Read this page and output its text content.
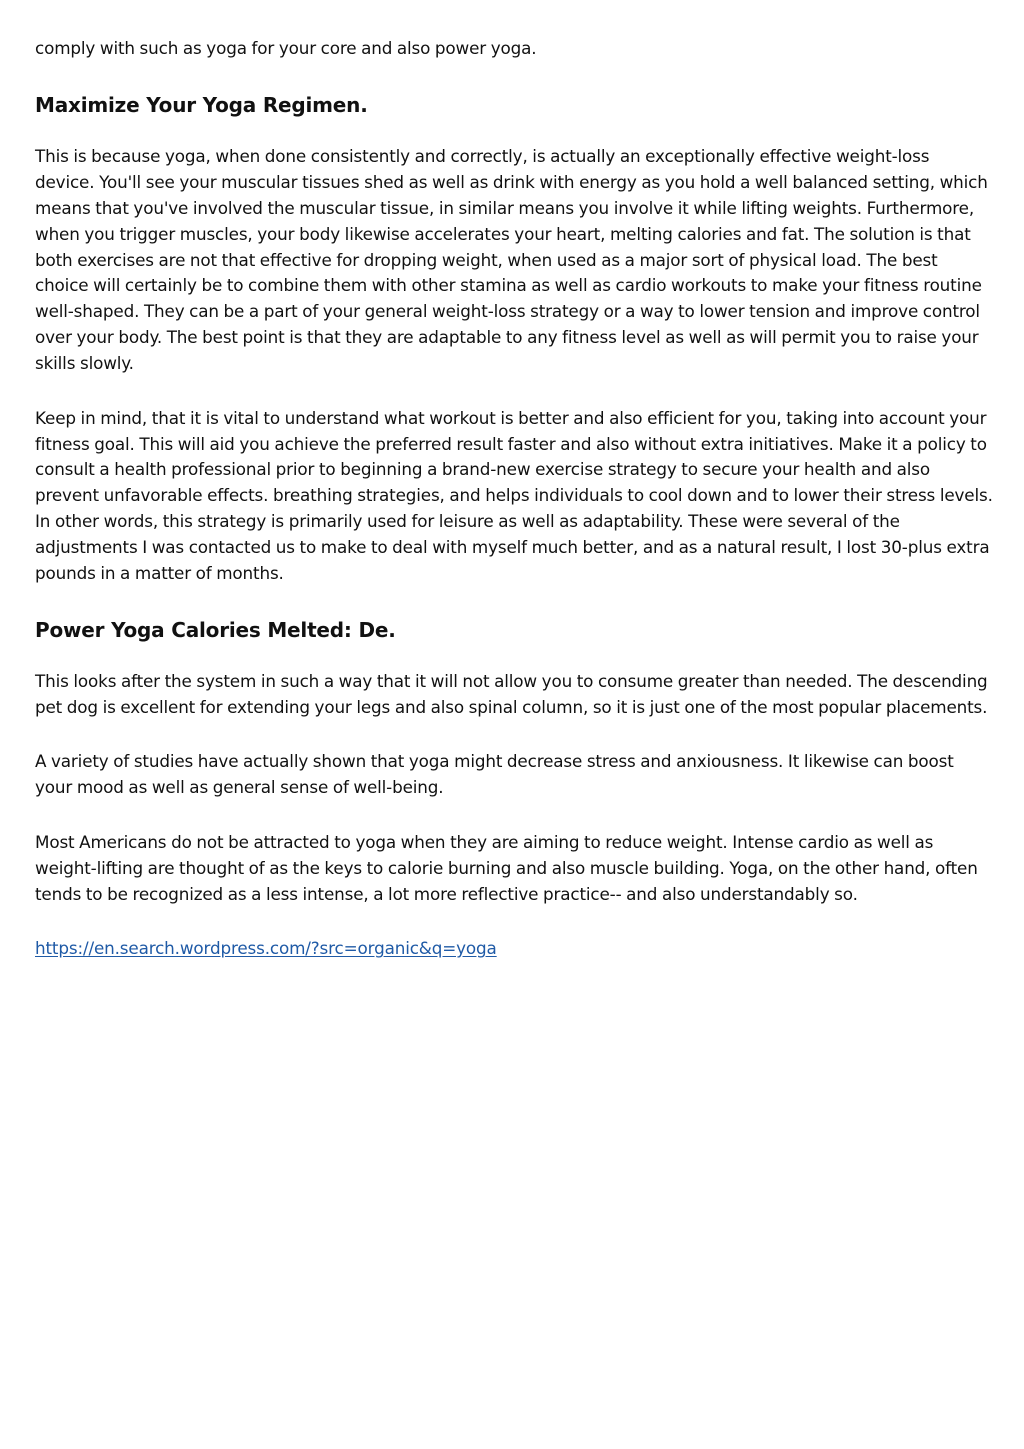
comply with such as yoga for your core and also power yoga.

Maximize Your Yoga Regimen.

This is because yoga, when done consistently and correctly, is actually an exceptionally effective weight-loss device. You'll see your muscular tissues shed as well as drink with energy as you hold a well balanced setting, which means that you've involved the muscular tissue, in similar means you involve it while lifting weights. Furthermore, when you trigger muscles, your body likewise accelerates your heart, melting calories and fat. The solution is that both exercises are not that effective for dropping weight, when used as a major sort of physical load. The best choice will certainly be to combine them with other stamina as well as cardio workouts to make your fitness routine well-shaped. They can be a part of your general weight-loss strategy or a way to lower tension and improve control over your body. The best point is that they are adaptable to any fitness level as well as will permit you to raise your skills slowly.

Keep in mind, that it is vital to understand what workout is better and also efficient for you, taking into account your fitness goal. This will aid you achieve the preferred result faster and also without extra initiatives. Make it a policy to consult a health professional prior to beginning a brand-new exercise strategy to secure your health and also prevent unfavorable effects. breathing strategies, and helps individuals to cool down and to lower their stress levels. In other words, this strategy is primarily used for leisure as well as adaptability. These were several of the adjustments I was contacted us to make to deal with myself much better, and as a natural result, I lost 30-plus extra pounds in a matter of months.

Power Yoga Calories Melted: De.

This looks after the system in such a way that it will not allow you to consume greater than needed. The descending pet dog is excellent for extending your legs and also spinal column, so it is just one of the most popular placements.

A variety of studies have actually shown that yoga might decrease stress and anxiousness. It likewise can boost your mood as well as general sense of well-being.

Most Americans do not be attracted to yoga when they are aiming to reduce weight. Intense cardio as well as weight-lifting are thought of as the keys to calorie burning and also muscle building. Yoga, on the other hand, often tends to be recognized as a less intense, a lot more reflective practice-- and also understandably so.

https://en.search.wordpress.com/?src=organic&q=yoga
